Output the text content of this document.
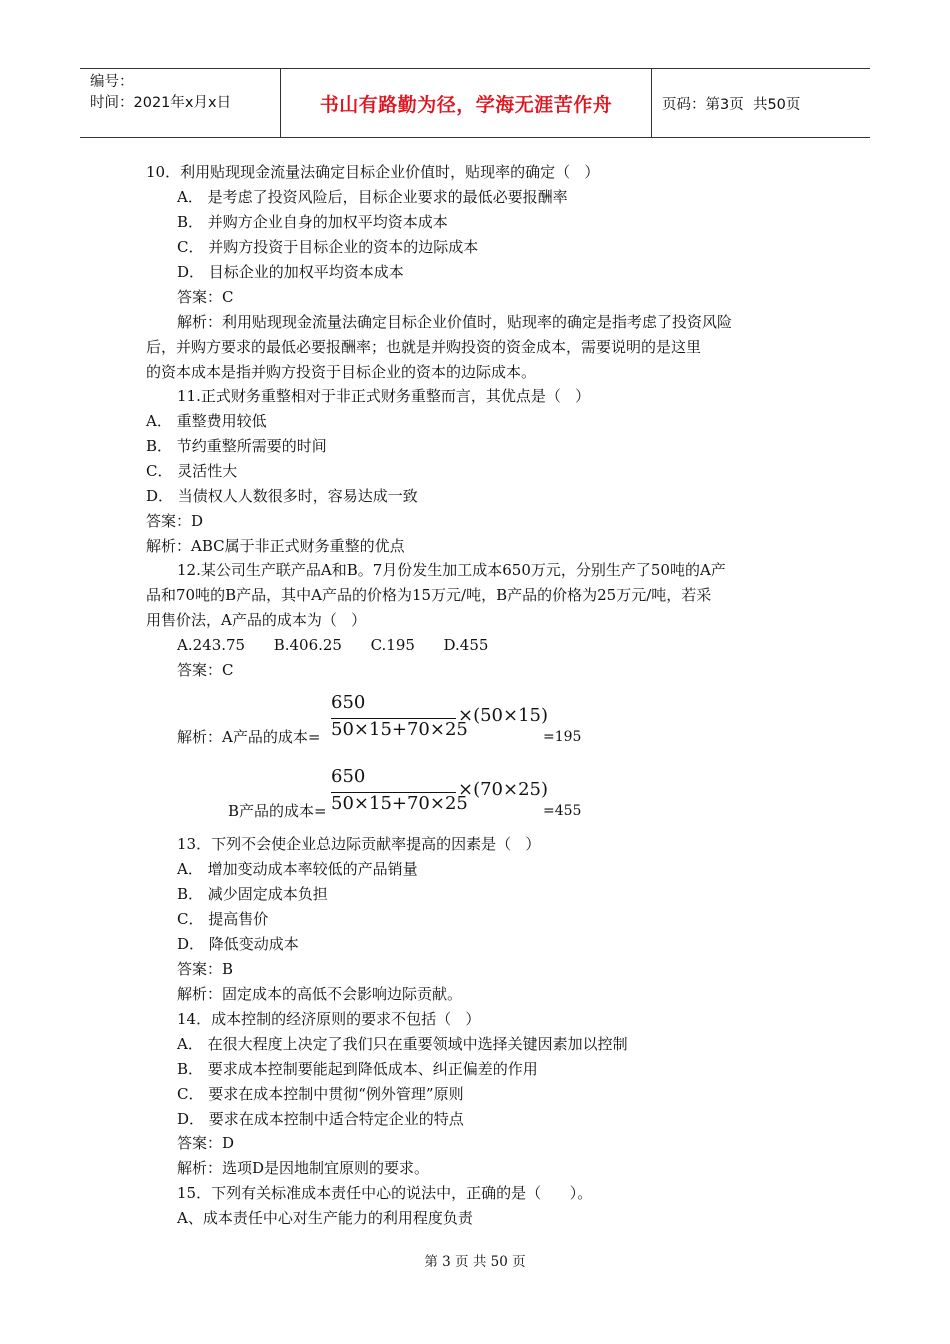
编号：
时间：2021年x月x日	书山有路勤为径，学海无涯苦作舟	页码：第3页  共50页
10．利用贴现现金流量法确定目标企业价值时，贴现率的确定（   ）
A． 是考虑了投资风险后，目标企业要求的最低必要报酬率
B． 并购方企业自身的加权平均资本成本
C． 并购方投资于目标企业的资本的边际成本
D． 目标企业的加权平均资本成本
答案：C
解析：利用贴现现金流量法确定目标企业价值时，贴现率的确定是指考虑了投资风险
后，并购方要求的最低必要报酬率；也就是并购投资的资金成本，需要说明的是这里
的资本成本是指并购方投资于目标企业的资本的边际成本。
11.正式财务重整相对于非正式财务重整而言，其优点是（   ）
A． 重整费用较低
B． 节约重整所需要的时间
C． 灵活性大
D． 当债权人人数很多时，容易达成一致
答案：D
解析：ABC属于非正式财务重整的优点
12.某公司生产联产品A和B。7月份发生加工成本650万元，分别生产了50吨的A产
品和70吨的B产品，其中A产品的价格为15万元/吨，B产品的价格为25万元/吨，若采
用售价法，A产品的成本为（   ）
A.243.75      B.406.25      C.195      D.455
答案：C
解析：A产品的成本=
650
50×15+70×25
×(50×15)
=195
B产品的成本=
650
50×15+70×25
×(70×25)
=455
13．下列不会使企业总边际贡献率提高的因素是（   ）
A． 增加变动成本率较低的产品销量
B． 减少固定成本负担
C． 提高售价
D． 降低变动成本
答案：B
解析：固定成本的高低不会影响边际贡献。
14．成本控制的经济原则的要求不包括（   ）
A． 在很大程度上决定了我们只在重要领域中选择关键因素加以控制
B． 要求成本控制要能起到降低成本、纠正偏差的作用
C． 要求在成本控制中贯彻“例外管理”原则
D． 要求在成本控制中适合特定企业的特点
答案：D
解析：选项D是因地制宜原则的要求。
15．下列有关标准成本责任中心的说法中，正确的是（      ）。
A、成本责任中心对生产能力的利用程度负责
第 3 页 共 50 页
